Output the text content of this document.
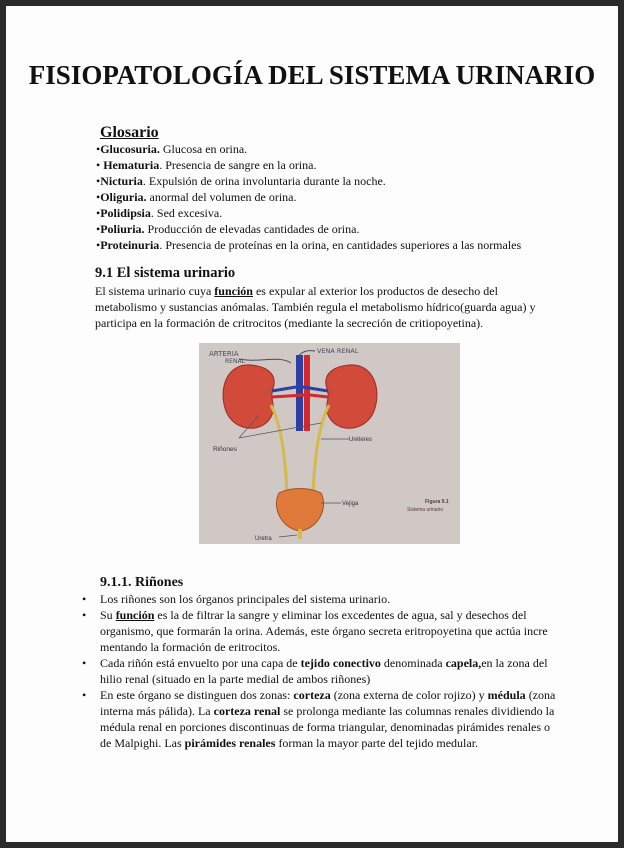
FISIOPATOLOGÍA DEL SISTEMA URINARIO
Glosario
•Glucosuria. Glucosa en orina.
• Hematuria. Presencia de sangre en la orina.
•Nicturia. Expulsión de orina involuntaria durante la noche.
•Oliguria. anormal del volumen de orina.
•Polidipsia. Sed excesiva.
•Poliuria. Producción de elevadas cantidades de orina.
•Proteinuria. Presencia de proteínas en la orina, en cantidades superiores a las normales
9.1 El sistema urinario

El sistema urinario cuya función es expular al exterior los productos de desecho del metabolismo y sustancias anómalas. También regula el metabolismo hídrico(guarda agua) y participa en la formación de critrocitos (mediante la secreción de critiopoyetina).

ARTERIA
RENAL
VENA RENAL
Riñones
Uréteres
Vejiga
Uretra
Figura 9.1
Sistema urinario
9.1.1. Riñones
• Los riñones son los órganos principales del sistema urinario.
• Su función es la de filtrar la sangre y eliminar los excedentes de agua, sal y desechos del organismo, que formarán la orina. Además, este órgano secreta eritropoyetina que actúa incre mentando la formación de eritrocitos.
• Cada riñón está envuelto por una capa de tejido conectivo denominada capela,en la zona del hilio renal (situado en la parte medial de ambos riñones)
• En este órgano se distinguen dos zonas: corteza (zona externa de color rojizo) y médula (zona interna más pálida). La corteza renal se prolonga mediante las columnas renales dividiendo la médula renal en porciones discontinuas de forma triangular, denominadas pirámides renales o de Malpighi. Las pirámides renales forman la mayor parte del tejido medular.
